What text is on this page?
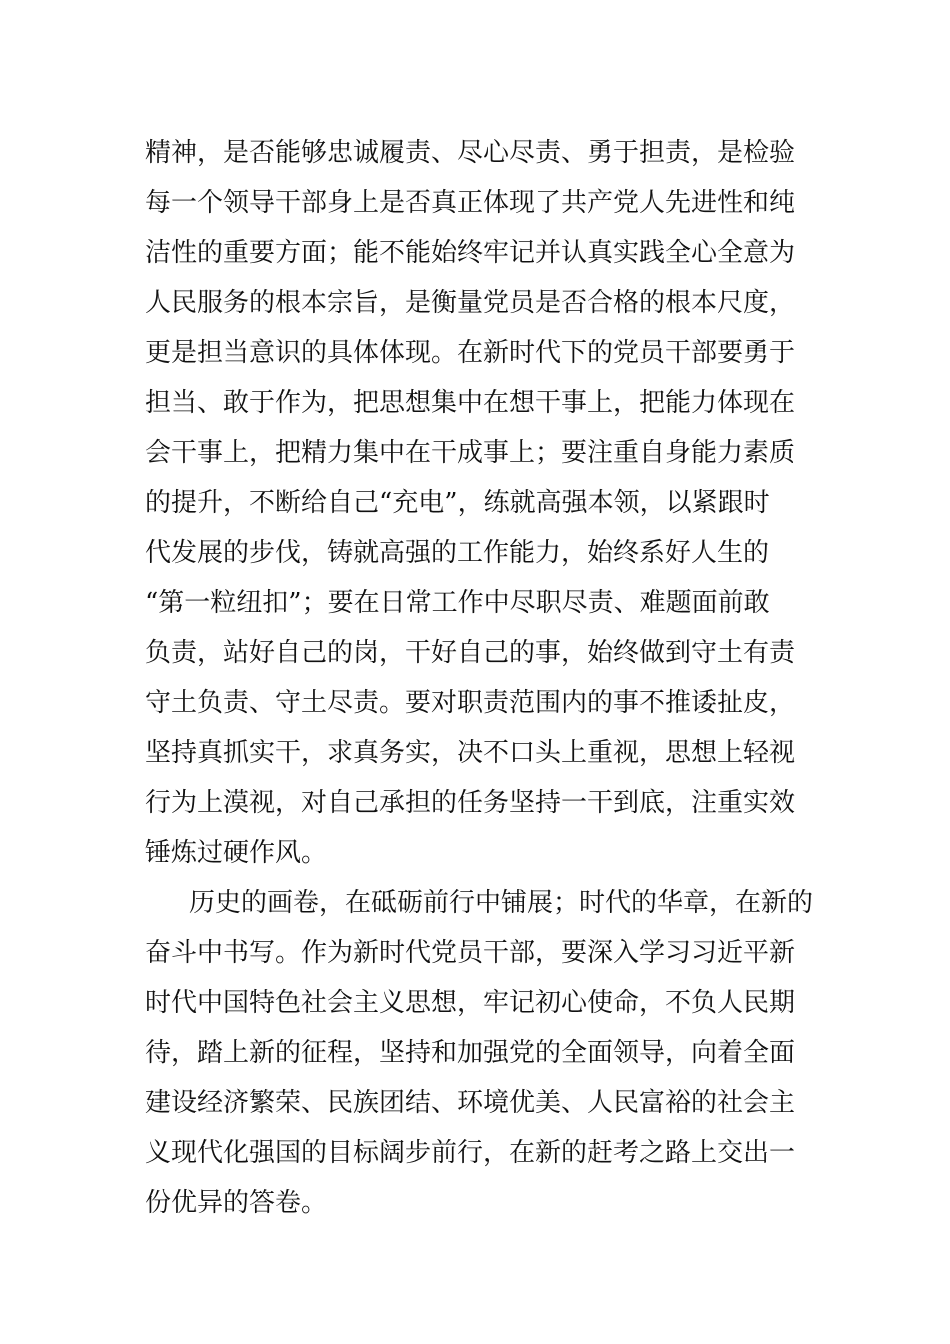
精神，是否能够忠诚履责、尽心尽责、勇于担责，是检验
每一个领导干部身上是否真正体现了共产党人先进性和纯
洁性的重要方面；能不能始终牢记并认真实践全心全意为
人民服务的根本宗旨，是衡量党员是否合格的根本尺度，
更是担当意识的具体体现。在新时代下的党员干部要勇于
担当、敢于作为，把思想集中在想干事上，把能力体现在
会干事上，把精力集中在干成事上；要注重自身能力素质
的提升，不断给自己“充电”，练就高强本领，以紧跟时
代发展的步伐，铸就高强的工作能力，始终系好人生的
“第一粒纽扣”；要在日常工作中尽职尽责、难题面前敢
负责，站好自己的岗，干好自己的事，始终做到守土有责
守土负责、守土尽责。要对职责范围内的事不推诿扯皮，
坚持真抓实干，求真务实，决不口头上重视，思想上轻视
行为上漠视，对自己承担的任务坚持一干到底，注重实效
锤炼过硬作风。
历史的画卷，在砥砺前行中铺展；时代的华章，在新的
奋斗中书写。作为新时代党员干部，要深入学习习近平新
时代中国特色社会主义思想，牢记初心使命，不负人民期
待，踏上新的征程，坚持和加强党的全面领导，向着全面
建设经济繁荣、民族团结、环境优美、人民富裕的社会主
义现代化强国的目标阔步前行，在新的赶考之路上交出一
份优异的答卷。
